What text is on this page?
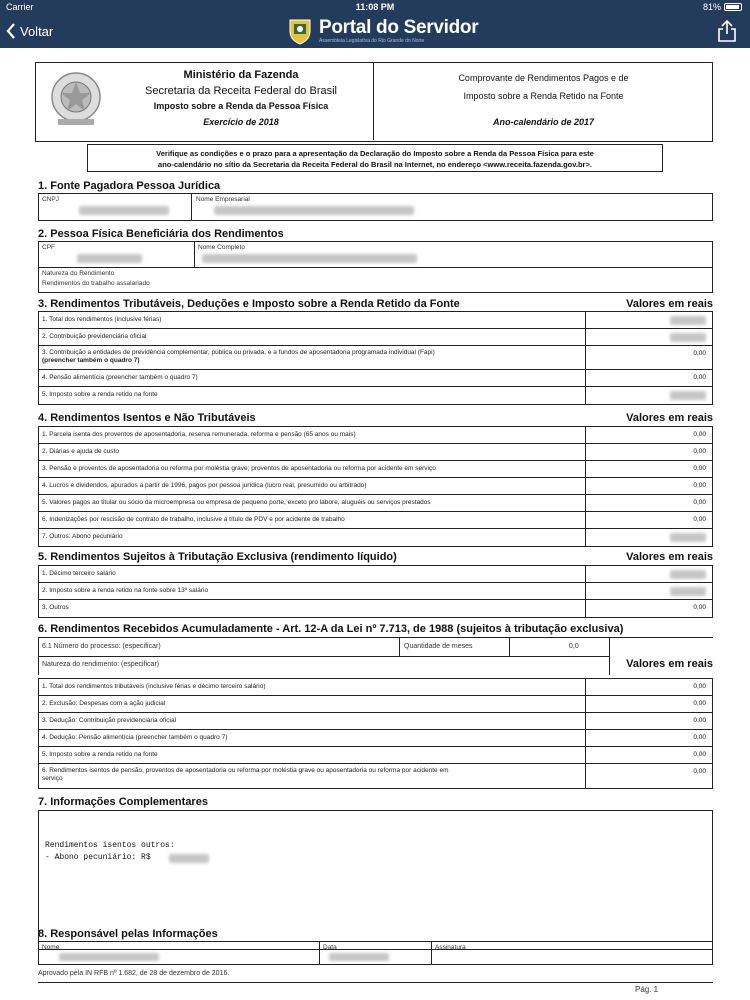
Carrier	11:08 PM	81%
Voltar	Portal do Servidor
Assembleia Legislativa do Rio Grande do Norte
Ministério da Fazenda
Secretaria da Receita Federal do Brasil
Imposto sobre a Renda da Pessoa Física
Exercício de 2018
Comprovante de Rendimentos Pagos e de
Imposto sobre a Renda Retido na Fonte
Ano-calendário de 2017
Verifique as condições e o prazo para a apresentação da Declaração do Imposto sobre a Renda da Pessoa Física para este
ano-calendário no sítio da Secretaria da Receita Federal do Brasil na Internet, no endereço <www.receita.fazenda.gov.br>.
1. Fonte Pagadora Pessoa Jurídica
CNPJ	Nome Empresarial
2. Pessoa Física Beneficiária dos Rendimentos
CPF	Nome Completo
Natureza do Rendimento
Rendimentos do trabalho assalariado
3. Rendimentos Tributáveis, Deduções e Imposto sobre a Renda Retido da Fonte	Valores em reais
1. Total dos rendimentos (inclusive férias)
2. Contribuição previdenciária oficial
3. Contribuição a entidades de previdência complementar, pública ou privada, e a fundos de aposentadoria programada individual (Fapi)
(preencher também o quadro 7)
0,00
4. Pensão alimentícia (preencher também o quadro 7)	0,00
5. Imposto sobre a renda retido na fonte
4. Rendimentos Isentos e Não Tributáveis	Valores em reais
1. Parcela isenta dos proventos de aposentadoria, reserva remunerada, reforma e pensão (65 anos ou mais)	0,00
2. Diárias e ajuda de custo	0,00
3. Pensão e proventos de aposentadoria ou reforma por moléstia grave; proventos de aposentadoria ou reforma por acidente em serviço	0,00
4. Lucros e dividendos, apurados a partir de 1996, pagos por pessoa jurídica (lucro real, presumido ou arbitrado)	0,00
5. Valores pagos ao titular ou sócio da microempresa ou empresa de pequeno porte, exceto pro labore, aluguéis ou serviços prestados	0,00
6. Indenizações por rescisão de contrato de trabalho, inclusive a título de PDV e por acidente de trabalho	0,00
7. Outros: Abono pecuniário
5. Rendimentos Sujeitos à Tributação Exclusiva (rendimento líquido)	Valores em reais
1. Décimo terceiro salário
2. Imposto sobre a renda retido na fonte sobre 13º salário
3. Outros	0,00
6. Rendimentos Recebidos Acumuladamente - Art. 12-A da Lei nº 7.713, de 1988 (sujeitos à tributação exclusiva)
6.1 Número do processo: (especificar)	Quantidade de meses	0,0
Natureza do rendimento: (especificar)	Valores em reais
1. Total dos rendimentos tributáveis (inclusive férias e décimo terceiro salário)	0,00
2. Exclusão: Despesas com a ação judicial	0,00
3. Dedução: Contribuição previdenciária oficial	0,00
4. Dedução: Pensão alimentícia (preencher também o quadro 7)	0,00
5. Imposto sobre a renda retido na fonte	0,00
6. Rendimentos isentos de pensão, proventos de aposentadoria ou reforma por moléstia grave ou aposentadoria ou reforma por acidente em
serviço
0,00
7. Informações Complementares
Rendimentos isentos outros:
- Abono pecuniário: R$
8. Responsável pelas Informações
Nome	Data	Assinatura
Aprovado pela IN RFB nº 1.682, de 28 de dezembro de 2016.
Pág. 1
